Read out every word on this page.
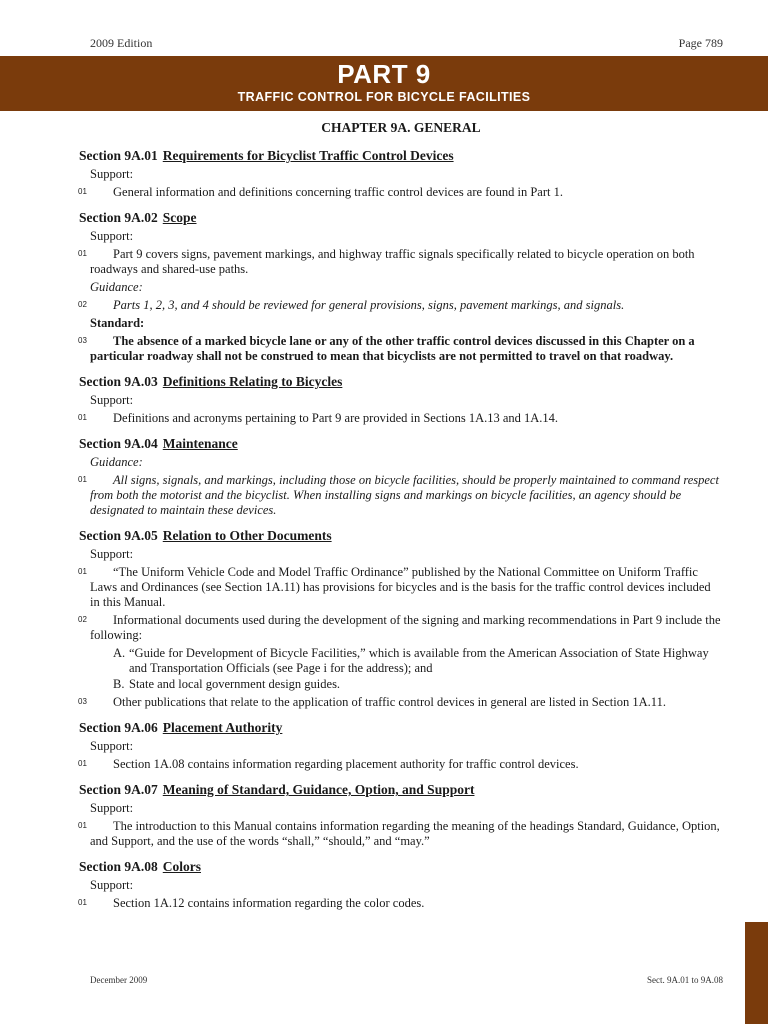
2009 Edition	Page 789
PART 9
TRAFFIC CONTROL FOR BICYCLE FACILITIES
CHAPTER 9A. GENERAL
Section 9A.01 Requirements for Bicyclist Traffic Control Devices
Support:
01	General information and definitions concerning traffic control devices are found in Part 1.
Section 9A.02 Scope
Support:
01	Part 9 covers signs, pavement markings, and highway traffic signals specifically related to bicycle operation on both roadways and shared-use paths.
Guidance:
02	Parts 1, 2, 3, and 4 should be reviewed for general provisions, signs, pavement markings, and signals.
Standard:
03	The absence of a marked bicycle lane or any of the other traffic control devices discussed in this Chapter on a particular roadway shall not be construed to mean that bicyclists are not permitted to travel on that roadway.
Section 9A.03 Definitions Relating to Bicycles
Support:
01	Definitions and acronyms pertaining to Part 9 are provided in Sections 1A.13 and 1A.14.
Section 9A.04 Maintenance
Guidance:
01	All signs, signals, and markings, including those on bicycle facilities, should be properly maintained to command respect from both the motorist and the bicyclist. When installing signs and markings on bicycle facilities, an agency should be designated to maintain these devices.
Section 9A.05 Relation to Other Documents
Support:
01	“The Uniform Vehicle Code and Model Traffic Ordinance” published by the National Committee on Uniform Traffic Laws and Ordinances (see Section 1A.11) has provisions for bicycles and is the basis for the traffic control devices included in this Manual.
02	Informational documents used during the development of the signing and marking recommendations in Part 9 include the following:
A. “Guide for Development of Bicycle Facilities,” which is available from the American Association of State Highway and Transportation Officials (see Page i for the address); and
B. State and local government design guides.
03	Other publications that relate to the application of traffic control devices in general are listed in Section 1A.11.
Section 9A.06 Placement Authority
Support:
01	Section 1A.08 contains information regarding placement authority for traffic control devices.
Section 9A.07 Meaning of Standard, Guidance, Option, and Support
Support:
01	The introduction to this Manual contains information regarding the meaning of the headings Standard, Guidance, Option, and Support, and the use of the words “shall,” “should,” and “may.”
Section 9A.08 Colors
Support:
01	Section 1A.12 contains information regarding the color codes.
December 2009	Sect. 9A.01 to 9A.08
